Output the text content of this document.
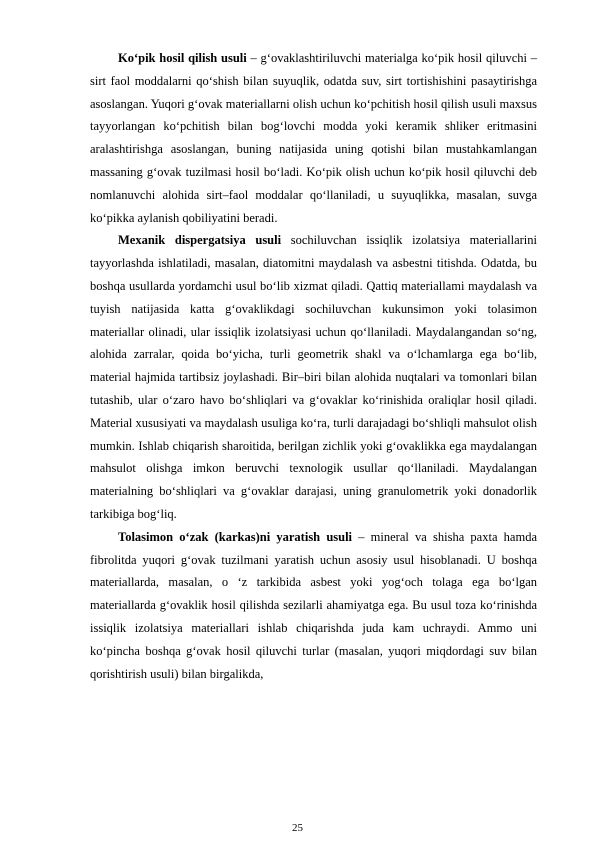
Ko‘pik hosil qilish usuli – g‘ovaklashtiriluvchi materialga ko‘pik hosil qiluvchi – sirt faol moddalarni qo‘shish bilan suyuqlik, odatda suv, sirt tortishishini pasaytirishga asoslangan. Yuqori g‘ovak materiallarni olish uchun ko‘pchitish hosil qilish usuli maxsus tayyorlangan ko‘pchitish bilan bog‘lovchi modda yoki keramik shliker eritmasini aralashtirishga asoslangan, buning natijasida uning qotishi bilan mustahkamlangan massaning g‘ovak tuzilmasi hosil bo‘ladi. Ko‘pik olish uchun ko‘pik hosil qiluvchi deb nomlanuvchi alohida sirt–faol moddalar qo‘llaniladi, u suyuqlikka, masalan, suvga ko‘pikka aylanish qobiliyatini beradi.

Mexanik dispergatsiya usuli sochiluvchan issiqlik izolatsiya materiallarini tayyorlashda ishlatiladi, masalan, diatomitni maydalash va asbestni titishda. Odatda, bu boshqa usullarda yordamchi usul bo‘lib xizmat qiladi. Qattiq materiallami maydalash va tuyish natijasida katta g‘ovaklikdagi sochiluvchan kukunsimon yoki tolasimon materiallar olinadi, ular issiqlik izolatsiyasi uchun qo‘llaniladi. Maydalangandan so‘ng, alohida zarralar, qoida bo‘yicha, turli geometrik shakl va o‘lchamlarga ega bo‘lib, material hajmida tartibsiz joylashadi. Bir–biri bilan alohida nuqtalari va tomonlari bilan tutashib, ular o‘zaro havo bo‘shliqlari va g‘ovaklar ko‘rinishida oraliqlar hosil qiladi. Material xususiyati va maydalash usuliga ko‘ra, turli darajadagi bo‘shliqli mahsulot olish mumkin. Ishlab chiqarish sharoitida, berilgan zichlik yoki g‘ovaklikka ega maydalangan mahsulot olishga imkon beruvchi texnologik usullar qo‘llaniladi. Maydalangan materialning bo‘shliqlari va g‘ovaklar darajasi, uning granulometrik yoki donadorlik tarkibiga bog‘liq.

Tolasimon o‘zak (karkas)ni yaratish usuli – mineral va shisha paxta hamda fibrolitda yuqori g‘ovak tuzilmani yaratish uchun asosiy usul hisoblanadi. U boshqa materiallarda, masalan, o ‘z tarkibida asbest yoki yog‘och tolaga ega bo‘lgan materiallarda g‘ovaklik hosil qilishda sezilarli ahamiyatga ega. Bu usul toza ko‘rinishda issiqlik izolatsiya materiallari ishlab chiqarishda juda kam uchraydi. Ammo uni ko‘pincha boshqa g‘ovak hosil qiluvchi turlar (masalan, yuqori miqdordagi suv bilan qorishtirish usuli) bilan birgalikda,

25
